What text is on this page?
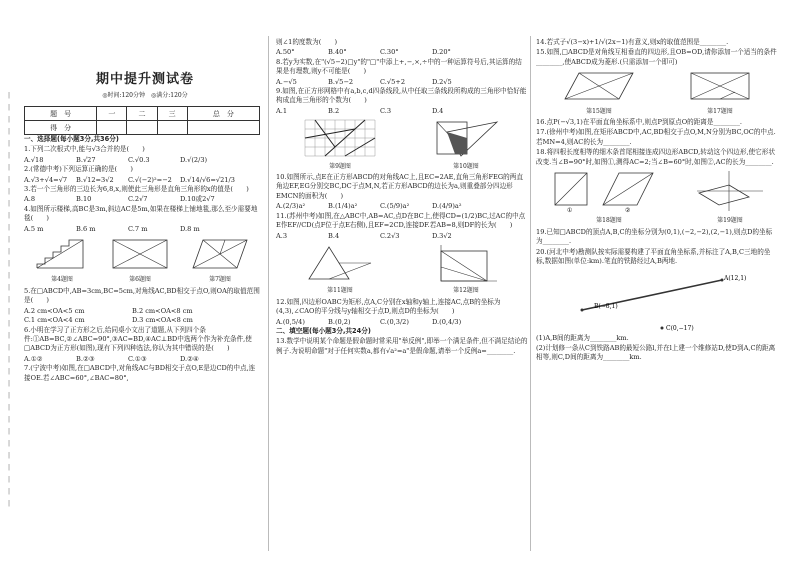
|
|
|
|
|
|
|
|
|
|
|
|
|
|
|
|
|
|
|
|
|
|
|
|
|
|
|
|
|
|
|
|
|
|
|
期中提升测试卷
◎时间:120分钟　◎满分:120分
题　号	一	二	三	总　分
得　分				
一、选择题(每小题3分,共36分)
1.下列二次根式中,能与√3合并的是(　　)
A.√18	B.√27	C.√0.3	D.√(2/3)
2.(常德中考)下列运算正确的是(　　)
A.√3+√4=√7 B.√12=3√2	C.√(−2)²=−2 D.√14/√6=√21/3
3.若一个三角形的三边长为6,8,x,则使此三角形是直角三角形的x的值是(　　)
A.8	B.10	C.2√7	D.10或2√7
4.如图所示楼梯,高BC是3m,斜边AC是5m,如果在楼梯上铺地毯,那么至少需要地毯(　　)
A.5 m	B.6 m	C.7 m	D.8 m
第4题图	第6题图	第7题图
5.在□ABCD中,AB=3cm,BC=5cm,对角线AC,BD相交于点O,则OA的取值范围是(　　)
A.2 cm<OA<5 cm	B.2 cm<OA<8 cm
C.1 cm<OA<4 cm	D.3 cm<OA<8 cm
6.小明在学习了正方形之后,给同桌小文出了道题,从下列四个条件:①AB=BC,②∠ABC=90°,③AC=BD,④AC⊥BD中选两个作为补充条件,使□ABCD为正方形(如图),现有下列四种选法,你认为其中错误的是(　　)
A.①②	B.②③	C.①③	D.②④
7.(宁波中考)如图,在□ABCD中,对角线AC与BD相交于点O,E是边CD的中点,连接OE.若∠ABC=60°,∠BAC=80°,
则∠1的度数为(　　)
A.50°	B.40°	C.30°	D.20°
8.若y为实数,在"(√5−2)□y"的"□"中添上+,−,×,÷中的一种运算符号后,其运算的结果是有理数,则y不可能是(　　)
A.−√5	B.√5−2	C.√5+2	D.2√5
9.如图,在正方形网格中有a,b,c,d四条线段,从中任取三条线段所构成的三角形中恰好能构成直角三角形的个数为(　　)
A.1	B.2	C.3	D.4
第9题图	第10题图
10.如图所示,点E在正方形ABCD的对角线AC上,且EC=2AE,直角三角形FEG的两直角边EF,EG分别交BC,DC于点M,N,若正方形ABCD的边长为a,则重叠部分四边形EMCN的面积为(　　)
A.(2/3)a²	B.(1/4)a²	C.(5/9)a²	D.(4/9)a²
11.(苏州中考)如图,在△ABC中,AB=AC,点D在BC上,使得CD=(1/2)BC,过AC的中点E作EF//CD(点F位于点E右侧),且EF=2CD,连接DF.若AB=8,则DF的长为(　　)
A.3	B.4	C.2√3	D.3√2
第11题图	第12题图
12.如图,四边形OABC为矩形,点A,C分别在x轴和y轴上,连接AC,点B的坐标为(4,3),∠CAO的平分线与y轴相交于点D,则点D的坐标为(　　)
A.(0,5/4)	B.(0,2)	C.(0,3/2)	D.(0,4/3)
二、填空题(每小题3分,共24分)
13.数学中说明某个命题是假命题时常采用"举反例",即举一个满足条件,但不满足结论的例子.为说明命题"对于任何实数a,都有√a²=a"是假命题,请举一个反例a=________.
14.若式子√(3−x)+1/√(2x−1)有意义,则x的取值范围是________.
15.如图,□ABCD是对角线互相垂直的四边形,且OB=OD,请你添加一个适当的条件________,使ABCD成为菱形.(只需添加一个即可)
第15题图	第17题图
16.点P(−√3,1)在平面直角坐标系中,则点P到原点O的距离是________.
17.(徐州中考)如图,在矩形ABCD中,AC,BD相交于点O,M,N分别为BC,OC的中点.若MN=4,则AC的长为________.
18.将四根长度相等的细木条首尾相接连成四边形ABCD,转动这个四边形,使它形状改变.当∠B=90°时,如图①,测得AC=2;当∠B=60°时,如图②,AC的长为________.
①	②
第18题图	第19题图
19.已知□ABCD的顶点A,B,C的坐标分别为(0,1),(−2,−2),(2,−1),则点D的坐标为________.
20.(河北中考)勘测队按实际需要构建了平面直角坐标系,并标注了A,B,C三地的坐标,数据如图(单位:km).笔直的铁路经过A,B两地.
A(12,1)
B(−8,1)
C(0,−17)
(1)A,B间的距离为________km.
(2)计划修一条从C到铁路AB的最短公路l,并在l上建一个维修站D,使D到A,C的距离相等,则C,D间的距离为________km.
